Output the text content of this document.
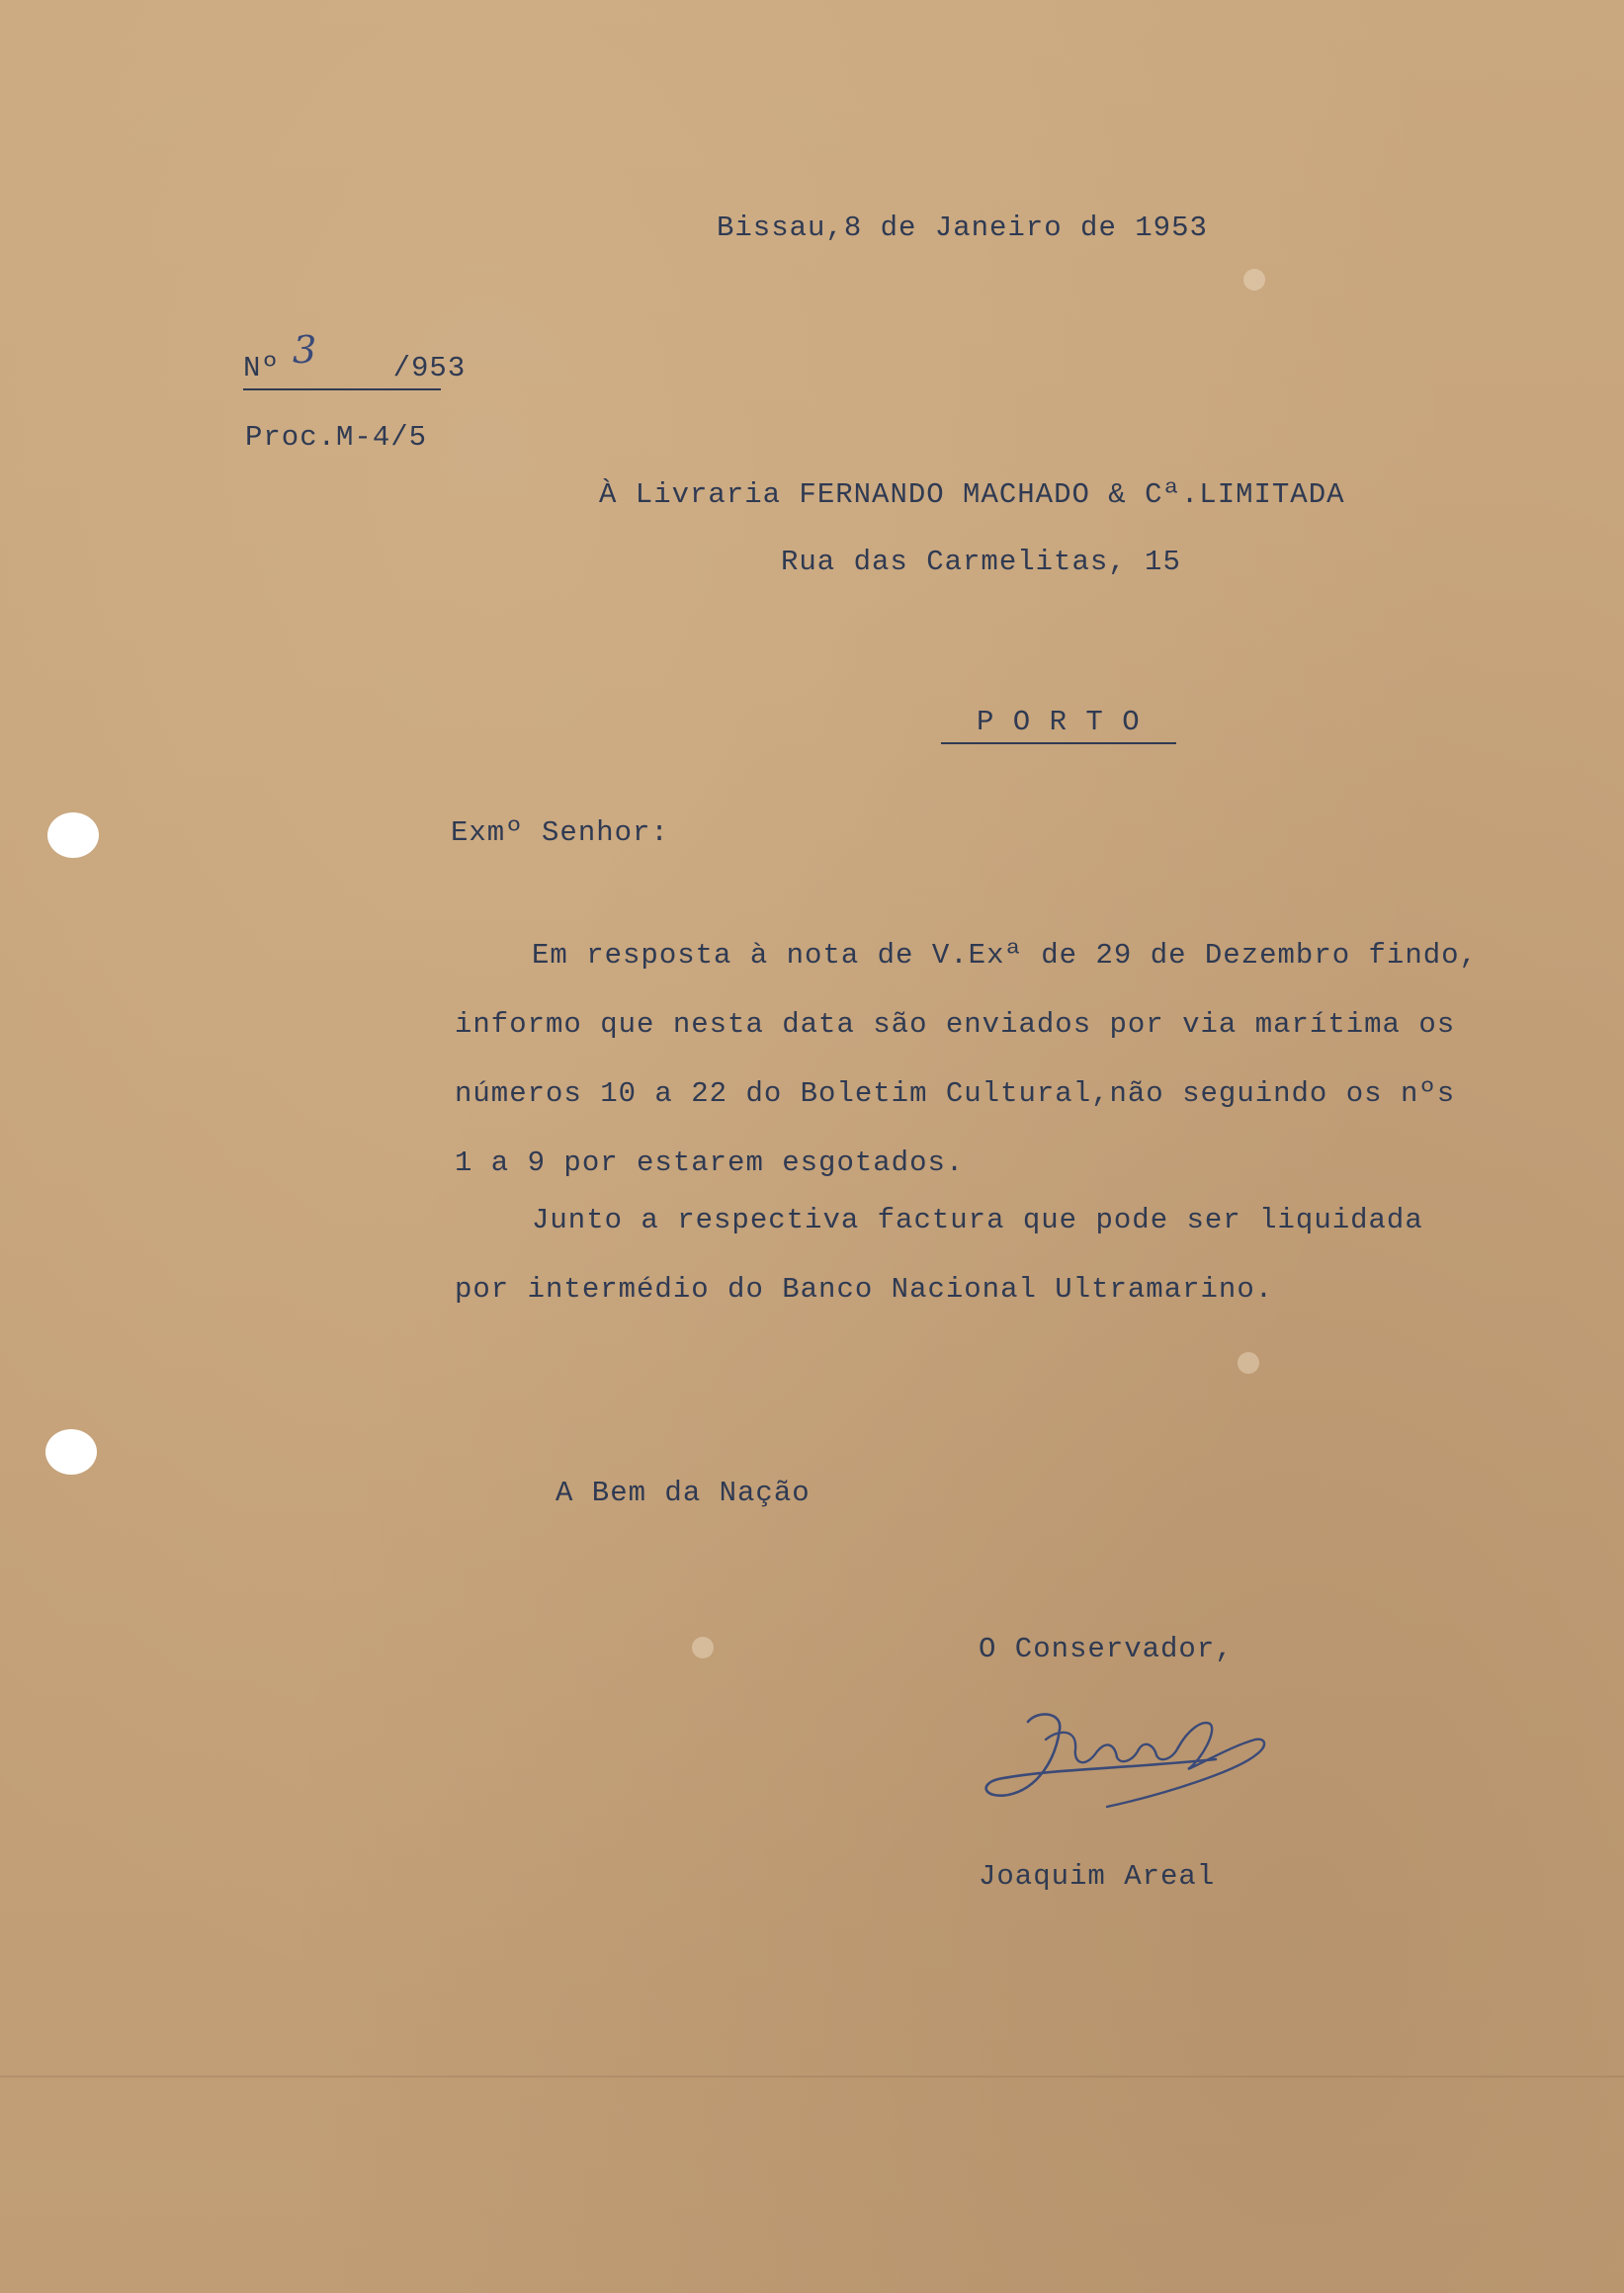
Bissau,8 de Janeiro de 1953
Nº	/953
3
Proc.M-4/5
À Livraria FERNANDO MACHADO & Cª.LIMITADA
Rua das Carmelitas, 15
P O R T O
Exmº Senhor:
Em resposta à nota de V.Exª de 29 de Dezembro findo,
informo que nesta data são enviados por via marítima os
números 10 a 22 do Boletim Cultural,não seguindo os nºs
1 a 9 por estarem esgotados.
Junto a respectiva factura que pode ser liquidada
por intermédio do Banco Nacional Ultramarino.
A Bem da Nação
O Conservador,
Joaquim Areal
